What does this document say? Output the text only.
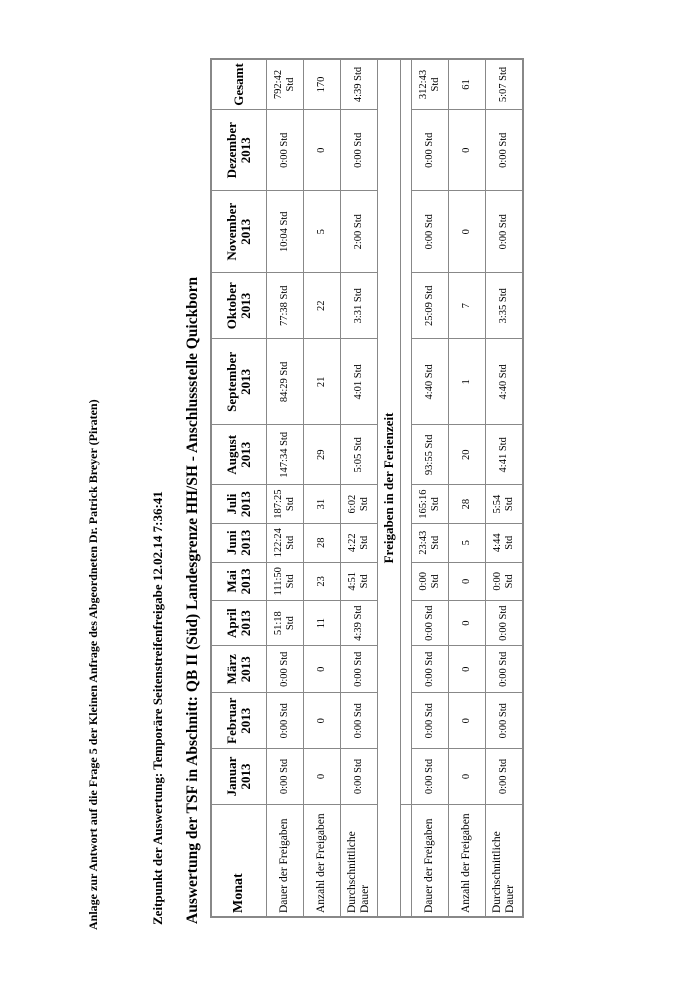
Anlage zur Antwort auf die Frage 5 der Kleinen Anfrage des Abgeordneten Dr. Patrick Breyer (Piraten)	Zeitpunkt der Auswertung: Temporäre Seitenstreifenfreigabe 12.02.14 7:36:41 Auswertung der TSF in Abschnitt: QB II (Süd) Landesgrenze HH/SH - Anschlussstelle Quickborn Monat	Januar 2013	Februar 2013	März 2013	April 2013	Mai 2013	Juni 2013	Juli 2013	August 2013	September 2013	Oktober 2013	November 2013	Dezember 2013	Gesamt
Dauer der Freigaben	0:00 Std	0:00 Std	0:00 Std	51:18 Std	111:50 Std	122:24 Std	187:25 Std	147:34 Std	84:29 Std	77:38 Std	10:04 Std	0:00 Std	792:42 Std
Anzahl der Freigaben	0	0	0	11	23	28	31	29	21	22	5	0	170
Durchschnittliche Dauer	0:00 Std	0:00 Std	0:00 Std	4:39 Std	4:51 Std	4:22 Std	6:02 Std	5:05 Std	4:01 Std	3:31 Std	2:00 Std	0:00 Std	4:39 Std
Freigaben in der Ferienzeit													

Dauer der Freigaben	0:00 Std	0:00 Std	0:00 Std	0:00 Std	0:00 Std	23:43 Std	165:16 Std	93:55 Std	4:40 Std	25:09 Std	0:00 Std	0:00 Std	312:43 Std
Anzahl der Freigaben	0	0	0	0	0	5	28	20	1	7	0	0	61
Durchschnittliche Dauer	0:00 Std	0:00 Std	0:00 Std	0:00 Std	0:00 Std	4:44 Std	5:54 Std	4:41 Std	4:40 Std	3:35 Std	0:00 Std	0:00 Std	5:07 Std
